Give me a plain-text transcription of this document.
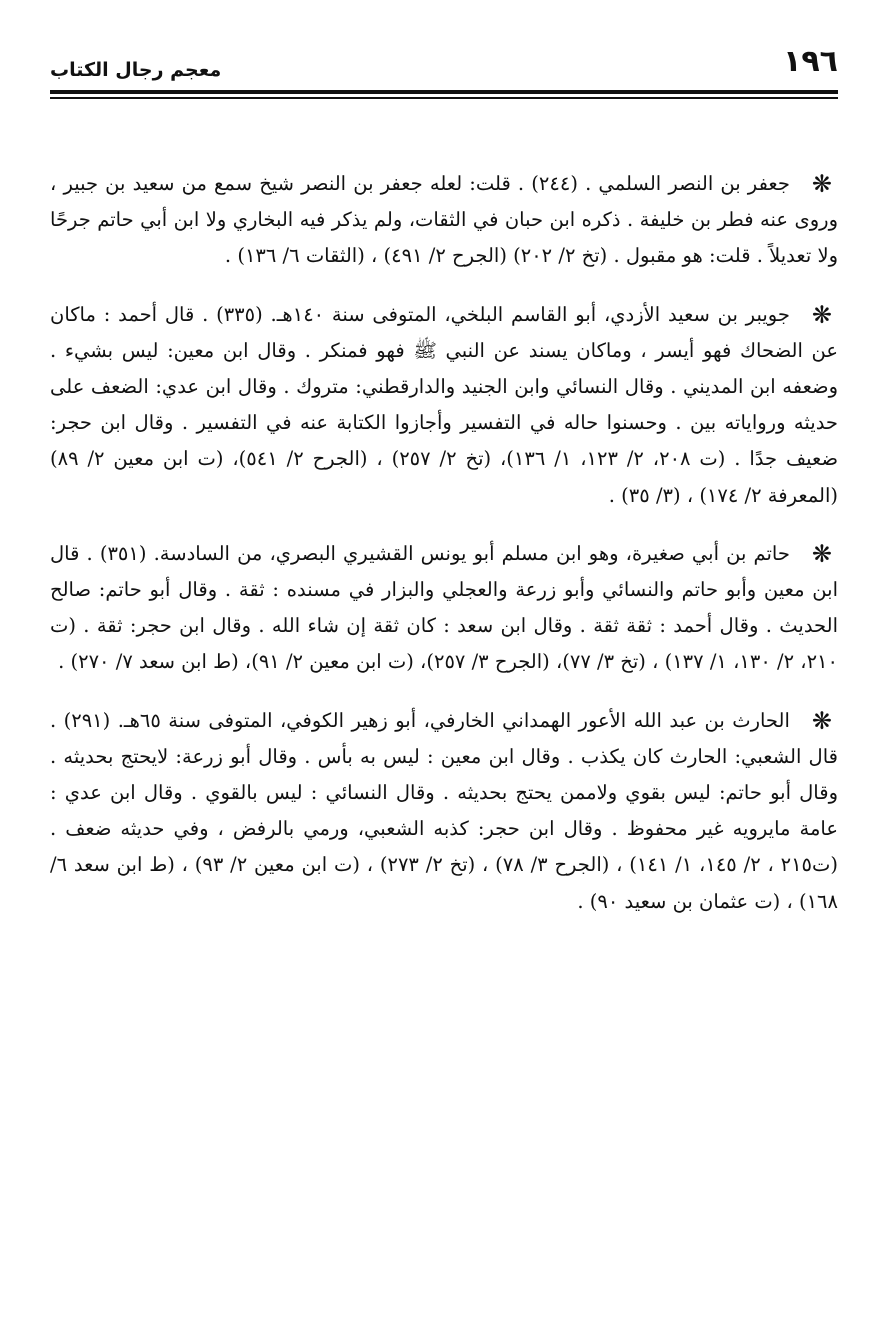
١٩٦
معجم رجال الكتاب

❋جعفر بن النصر السلمي . (٢٤٤) . قلت: لعله جعفر بن النصر شيخ سمع من سعيد بن جبير ، وروى عنه فطر بن خليفة . ذكره ابن حبان في الثقات، ولم يذكر فيه البخاري ولا ابن أبي حاتم جرحًا ولا تعديلاً . قلت: هو مقبول . (تخ ٢/ ٢٠٢) (الجرح ٢/ ٤٩١) ، (الثقات ٦/ ١٣٦) .

❋جويبر بن سعيد الأزدي، أبو القاسم البلخي، المتوفى سنة ١٤٠هـ. (٣٣٥) . قال أحمد : ماكان عن الضحاك فهو أيسر ، وماكان يسند عن النبي ﷺ فهو فمنكر . وقال ابن معين: ليس بشيء . وضعفه ابن المديني . وقال النسائي وابن الجنيد والدارقطني: متروك . وقال ابن عدي: الضعف على حديثه ورواياته بين . وحسنوا حاله في التفسير وأجازوا الكتابة عنه في التفسير . وقال ابن حجر: ضعيف جدًا . (ت ٢٠٨، ٢/ ١٢٣، ١/ ١٣٦)، (تخ ٢/ ٢٥٧) ، (الجرح ٢/ ٥٤١)، (ت ابن معين ٢/ ٨٩) (المعرفة ٢/ ١٧٤) ، (٣/ ٣٥) .

❋حاتم بن أبي صغيرة، وهو ابن مسلم أبو يونس القشيري البصري، من السادسة. (٣٥١) . قال ابن معين وأبو حاتم والنسائي وأبو زرعة والعجلي والبزار في مسنده : ثقة . وقال أبو حاتم: صالح الحديث . وقال أحمد : ثقة ثقة . وقال ابن سعد : كان ثقة إن شاء الله . وقال ابن حجر: ثقة . (ت ٢١٠، ٢/ ١٣٠، ١/ ١٣٧) ، (تخ ٣/ ٧٧)، (الجرح ٣/ ٢٥٧)، (ت ابن معين ٢/ ٩١)، (ط ابن سعد ٧/ ٢٧٠) .

❋الحارث بن عبد الله الأعور الهمداني الخارفي، أبو زهير الكوفي، المتوفى سنة ٦٥هـ. (٢٩١) . قال الشعبي: الحارث كان يكذب . وقال ابن معين : ليس به بأس . وقال أبو زرعة: لايحتج بحديثه . وقال أبو حاتم: ليس بقوي ولاممن يحتج بحديثه . وقال النسائي : ليس بالقوي . وقال ابن عدي : عامة مايرويه غير محفوظ . وقال ابن حجر: كذبه الشعبي، ورمي بالرفض ، وفي حديثه ضعف . (ت٢١٥ ، ٢/ ١٤٥، ١/ ١٤١) ، (الجرح ٣/ ٧٨) ، (تخ ٢/ ٢٧٣) ، (ت ابن معين ٢/ ٩٣) ، (ط ابن سعد ٦/ ١٦٨) ، (ت عثمان بن سعيد ٩٠) .
